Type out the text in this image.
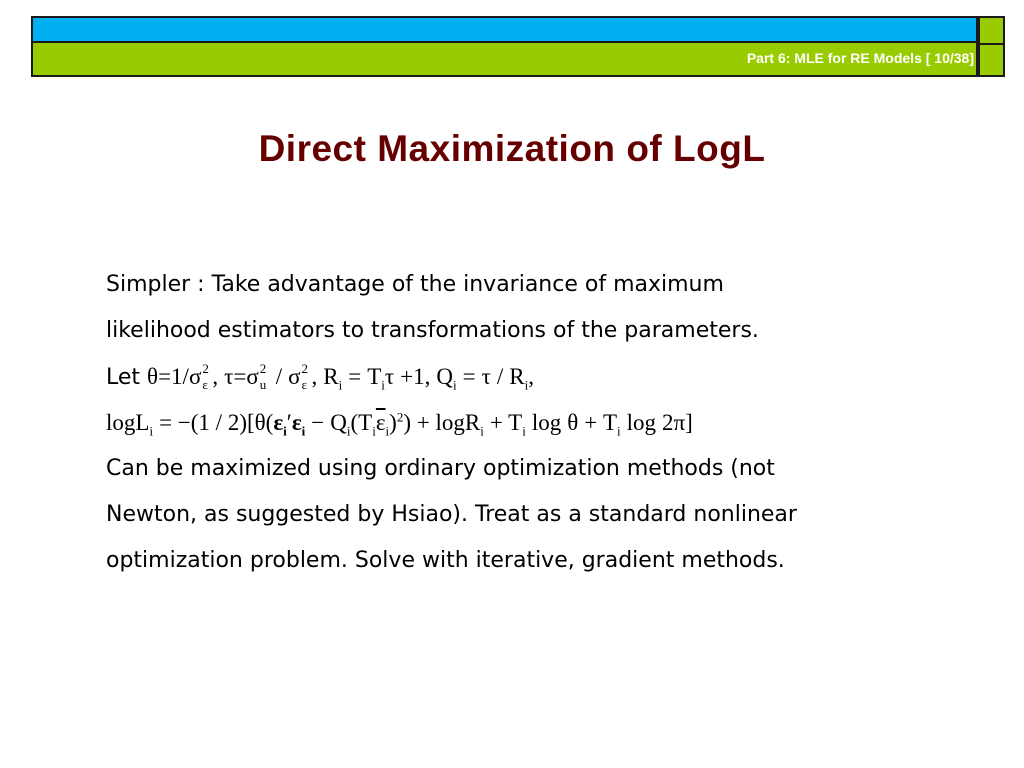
Part 6: MLE for RE Models [ 10/38]
Direct Maximization of LogL
Simpler : Take advantage of the invariance of maximum
likelihood estimators to transformations of the parameters.
Let θ=1/σ 2
ε , τ=σ 2
u / σ 2
ε , $R_i = T_i\tau +1$, $Q_i = \tau / R_i$,
$\log L_i = -(1 / 2)[\theta(\varepsilon_i'\varepsilon_i - Q_i(T_i\overline{\varepsilon}_i)^2) + \log R_i + T_i$ $\log \theta + T_i$ log 2π]
Can be maximized using ordinary optimization methods (not
Newton, as suggested by Hsiao). Treat as a standard nonlinear
optimization problem. Solve with iterative, gradient methods.
